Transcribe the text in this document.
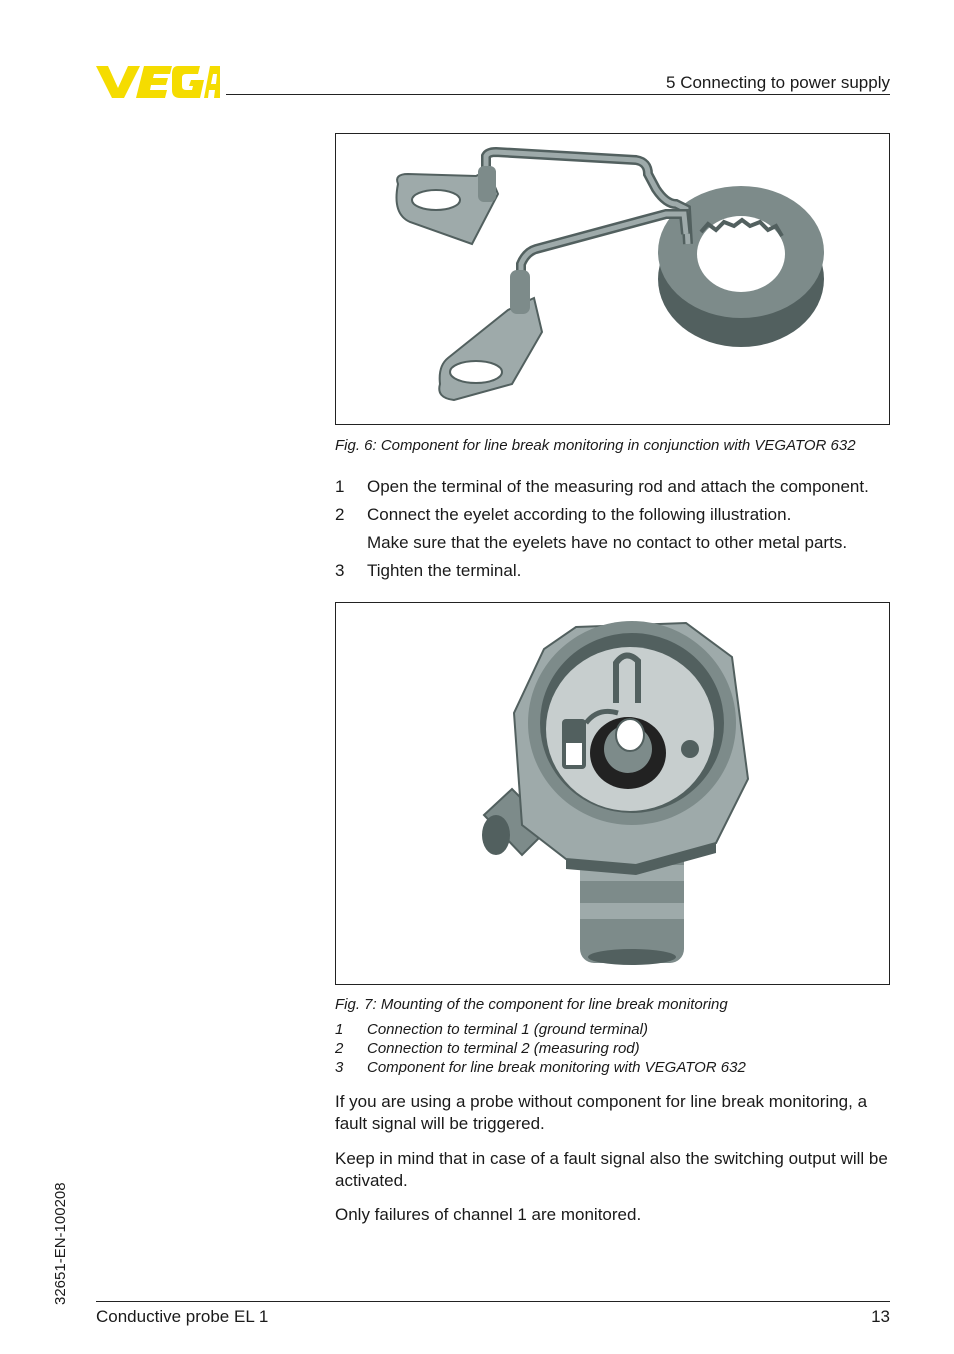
5 Connecting to power supply
Fig. 6: Component for line break monitoring in conjunction with VEGATOR 632
1 Open the terminal of the measuring rod and attach the component.
2 Connect the eyelet according to the following illustration.
Make sure that the eyelets have no contact to other metal parts.
3 Tighten the terminal.
Fig. 7: Mounting of the component for line break monitoring
1 Connection to terminal 1 (ground terminal)
2 Connection to terminal 2 (measuring rod)
3 Component for line break monitoring with VEGATOR 632
If you are using a probe without component for line break monitoring, a fault signal will be triggered.
Keep in mind that in case of a fault signal also the switching output will be activated.
Only failures of channel 1 are monitored.
32651-EN-100208
Conductive probe EL 1	13
